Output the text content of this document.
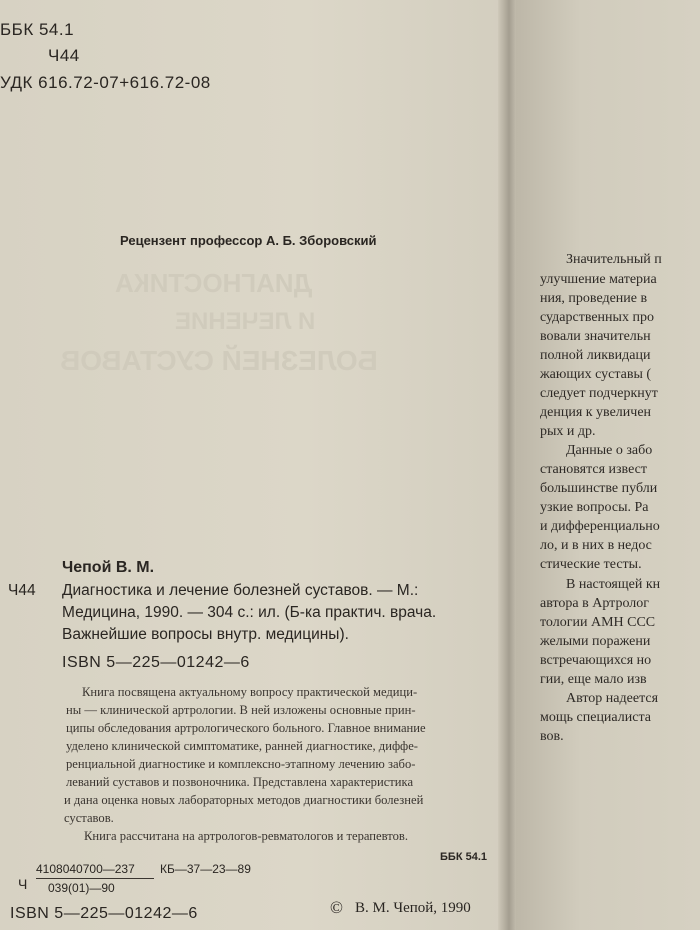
ДИАГНОСТИКА
И ЛЕЧЕНИЕ
БОЛЕЗНЕЙ СУСТАВОВ
ББК 54.1
Ч44
УДК 616.72-07+616.72-08
Рецензент профессор А. Б. Зборовский
Чепой В. М.
Ч44 Диагностика и лечение болезней суставов. — М.:
Медицина, 1990. — 304 с.: ил. (Б-ка практич. врача.
Важнейшие вопросы внутр. медицины).
ISBN 5—225—01242—6
Книга посвящена актуальному вопросу практической медици-
ны — клинической артрологии. В ней изложены основные прин-
ципы обследования артрологического больного. Главное внимание
уделено клинической симптоматике, ранней диагностике, диффе-
ренциальной диагностике и комплексно-этапному лечению забо-
леваний суставов и позвоночника. Представлена характеристика
и дана оценка новых лабораторных методов диагностики болезней
суставов.
Книга рассчитана на артрологов-ревматологов и терапевтов.
ББК 54.1
Ч
4108040700—237
039(01)—90
КБ—37—23—89
© В. М. Чепой, 1990
ISBN 5—225—01242—6
Значительный п
улучшение материа
ния, проведение в
сударственных про
вовали значительн
полной ликвидаци
жающих суставы (
следует подчеркнут
денция к увеличен
рых и др.
Данные о забо
становятся извест
большинстве публи
узкие вопросы. Ра
и дифференциально
ло, и в них в недос
стические тесты.
В настоящей кн
автора в Артролог
тологии АМН ССС
желыми поражени
встречающихся но
гии, еще мало изв
Автор надеется
мощь специалиста
вов.
